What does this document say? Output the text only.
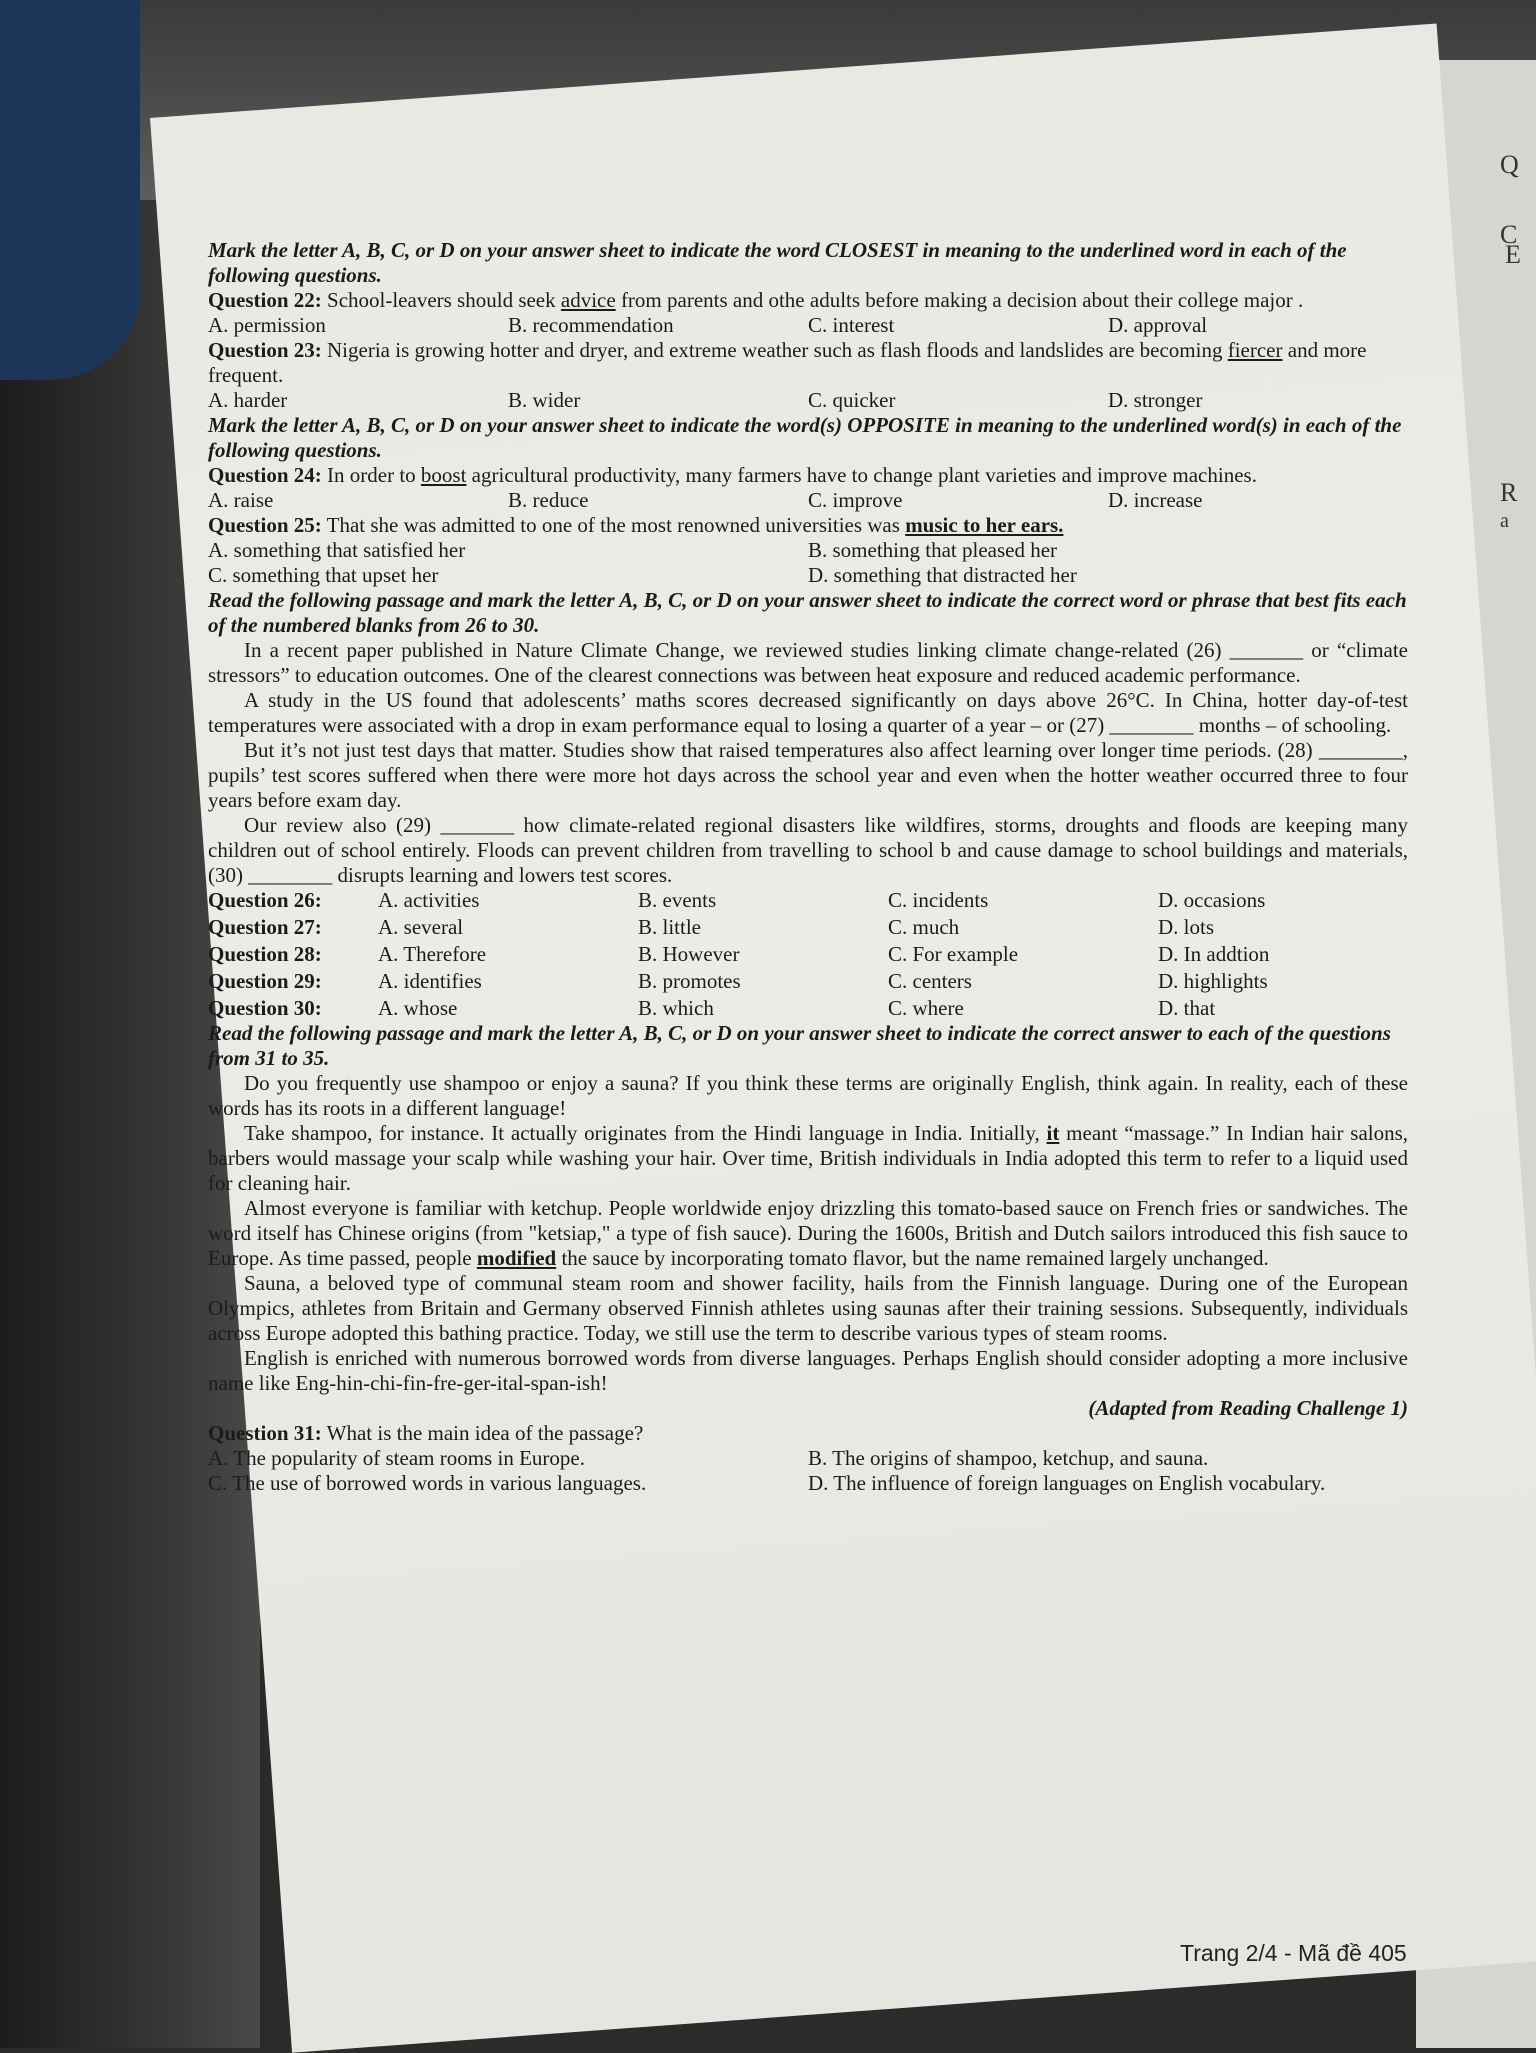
Q
C
E
R
a

Mark the letter A, B, C, or D on your answer sheet to indicate the word CLOSEST in meaning to the underlined word in each of the following questions.

Question 22: School-leavers should seek advice from parents and othe adults before making a decision about their college major .

A. permission	B. recommendation	C. interest	D. approval

Question 23: Nigeria is growing hotter and dryer, and extreme weather such as flash floods and landslides are becoming fiercer and more frequent.

A. harder	B. wider	C. quicker	D. stronger

Mark the letter A, B, C, or D on your answer sheet to indicate the word(s) OPPOSITE in meaning to the underlined word(s) in each of the following questions.

Question 24: In order to boost agricultural productivity, many farmers have to change plant varieties and improve machines.

A. raise	B. reduce	C. improve	D. increase

Question 25: That she was admitted to one of the most renowned universities was music to her ears.

A. something that satisfied her	B. something that pleased her
C. something that upset her	D. something that distracted her

Read the following passage and mark the letter A, B, C, or D on your answer sheet to indicate the correct word or phrase that best fits each of the numbered blanks from 26 to 30.

In a recent paper published in Nature Climate Change, we reviewed studies linking climate change-related (26) _______ or “climate stressors” to education outcomes. One of the clearest connections was between heat exposure and reduced academic performance.

A study in the US found that adolescents’ maths scores decreased significantly on days above 26°C. In China, hotter day-of-test temperatures were associated with a drop in exam performance equal to losing a quarter of a year – or (27) ________ months – of schooling.

But it’s not just test days that matter. Studies show that raised temperatures also affect learning over longer time periods. (28) ________, pupils’ test scores suffered when there were more hot days across the school year and even when the hotter weather occurred three to four years before exam day.

Our review also (29) _______ how climate-related regional disasters like wildfires, storms, droughts and floods are keeping many children out of school entirely. Floods can prevent children from travelling to school b and cause damage to school buildings and materials, (30) ________ disrupts learning and lowers test scores.

Question 26:	A. activities	B. events	C. incidents	D. occasions
Question 27:	A. several	B. little	C. much	D. lots
Question 28:	A. Therefore	B. However	C. For example	D. In addtion
Question 29:	A. identifies	B. promotes	C. centers	D. highlights
Question 30:	A. whose	B. which	C. where	D. that

Read the following passage and mark the letter A, B, C, or D on your answer sheet to indicate the correct answer to each of the questions from 31 to 35.

Do you frequently use shampoo or enjoy a sauna? If you think these terms are originally English, think again. In reality, each of these words has its roots in a different language!

Take shampoo, for instance. It actually originates from the Hindi language in India. Initially, it meant “massage.” In Indian hair salons, barbers would massage your scalp while washing your hair. Over time, British individuals in India adopted this term to refer to a liquid used for cleaning hair.

Almost everyone is familiar with ketchup. People worldwide enjoy drizzling this tomato-based sauce on French fries or sandwiches. The word itself has Chinese origins (from "ketsiap," a type of fish sauce). During the 1600s, British and Dutch sailors introduced this fish sauce to Europe. As time passed, people modified the sauce by incorporating tomato flavor, but the name remained largely unchanged.

Sauna, a beloved type of communal steam room and shower facility, hails from the Finnish language. During one of the European Olympics, athletes from Britain and Germany observed Finnish athletes using saunas after their training sessions. Subsequently, individuals across Europe adopted this bathing practice. Today, we still use the term to describe various types of steam rooms.

English is enriched with numerous borrowed words from diverse languages. Perhaps English should consider adopting a more inclusive name like Eng-hin-chi-fin-fre-ger-ital-span-ish!

(Adapted from Reading Challenge 1)

Question 31: What is the main idea of the passage?

A. The popularity of steam rooms in Europe.	B. The origins of shampoo, ketchup, and sauna.
C. The use of borrowed words in various languages.	D. The influence of foreign languages on English vocabulary.
Trang 2/4 - Mã đề 405
